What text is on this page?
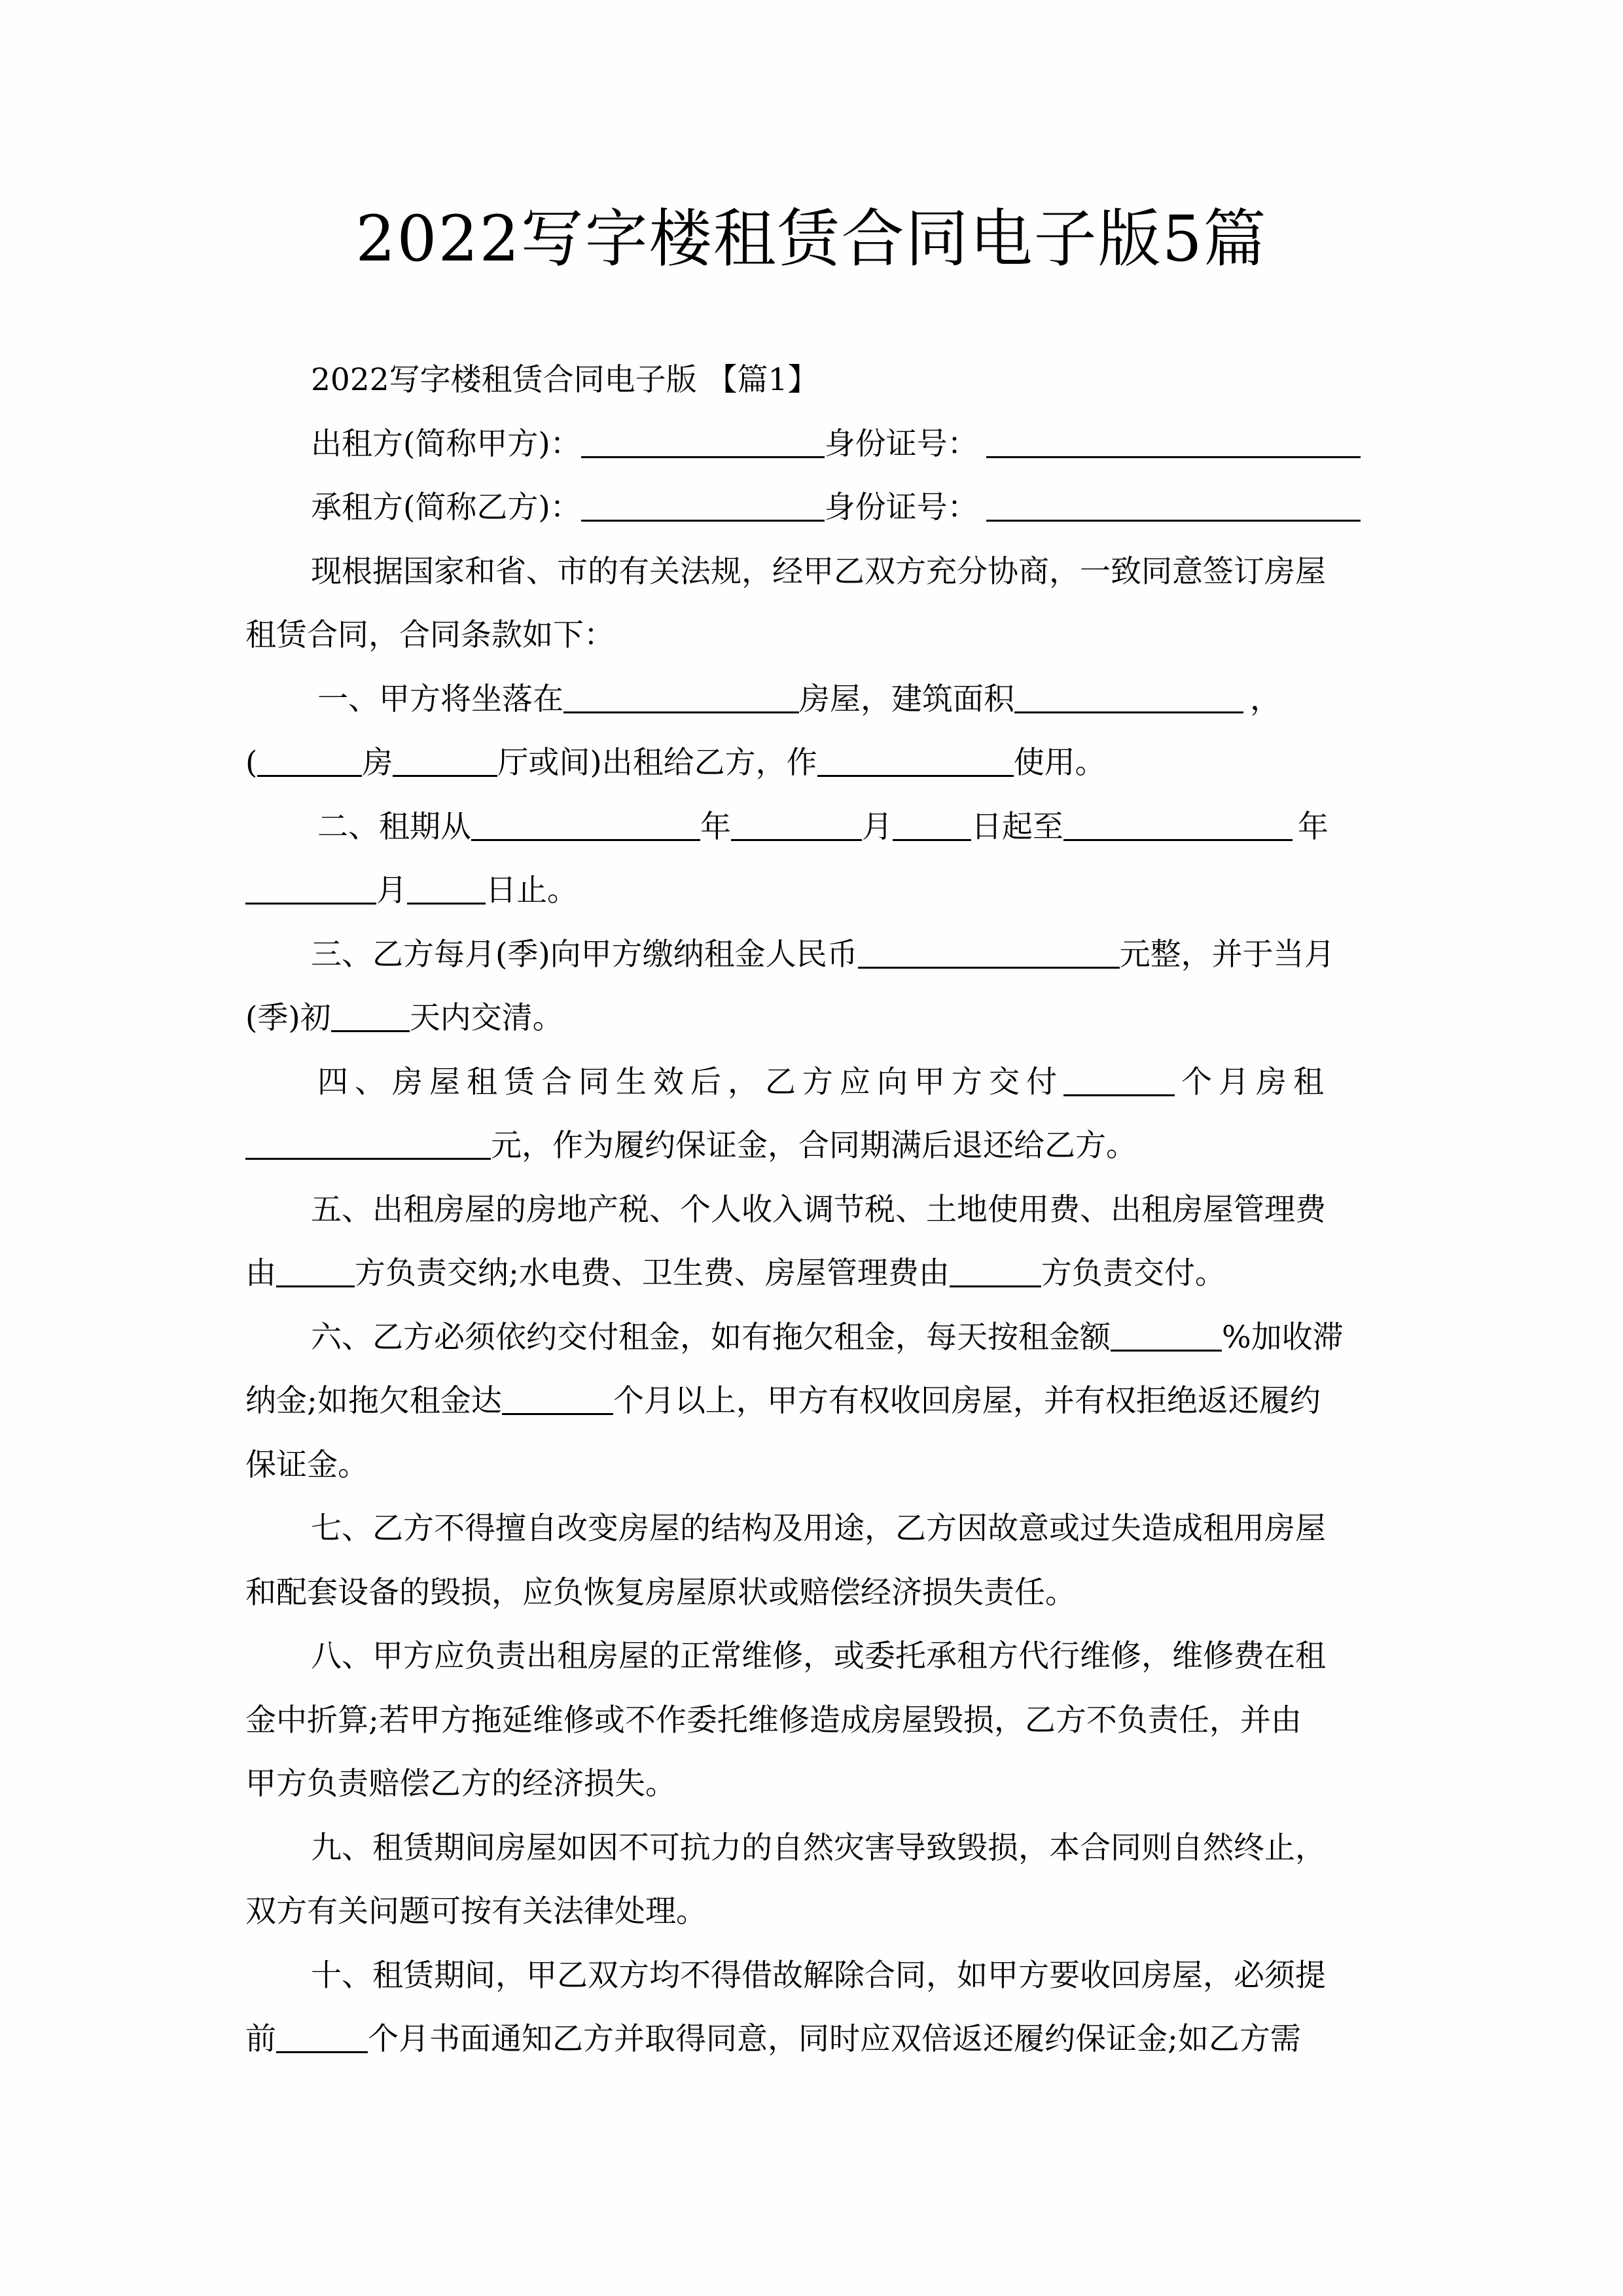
2022写字楼租赁合同电子版5篇
2022写字楼租赁合同电子版 【篇1】
出租方(简称甲方)：	身份证号：
承租方(简称乙方)：	身份证号：
现根据国家和省、市的有关法规，经甲乙双方充分协商，一致同意签订房屋
租赁合同，合同条款如下：
一、甲方将坐落在	房屋，建筑面积	，
(	房	厅或间)出租给乙方，作	使用。
二、租期从	年	月	日起至	年
月	日止。
三、乙方每月(季)向甲方缴纳租金人民币	元整，并于当月
(季)初	天内交清。
四、房屋租赁合同生效后，乙方应向甲方交付	个月房租
元，作为履约保证金，合同期满后退还给乙方。
五、出租房屋的房地产税、个人收入调节税、土地使用费、出租房屋管理费
由	方负责交纳;水电费、卫生费、房屋管理费由	方负责交付。
六、乙方必须依约交付租金，如有拖欠租金，每天按租金额	%加收滞
纳金;如拖欠租金达	个月以上，甲方有权收回房屋，并有权拒绝返还履约
保证金。
七、乙方不得擅自改变房屋的结构及用途，乙方因故意或过失造成租用房屋
和配套设备的毁损，应负恢复房屋原状或赔偿经济损失责任。
八、甲方应负责出租房屋的正常维修，或委托承租方代行维修，维修费在租
金中折算;若甲方拖延维修或不作委托维修造成房屋毁损，乙方不负责任，并由
甲方负责赔偿乙方的经济损失。
九、租赁期间房屋如因不可抗力的自然灾害导致毁损，本合同则自然终止，
双方有关问题可按有关法律处理。
十、租赁期间，甲乙双方均不得借故解除合同，如甲方要收回房屋，必须提
前	个月书面通知乙方并取得同意，同时应双倍返还履约保证金;如乙方需
